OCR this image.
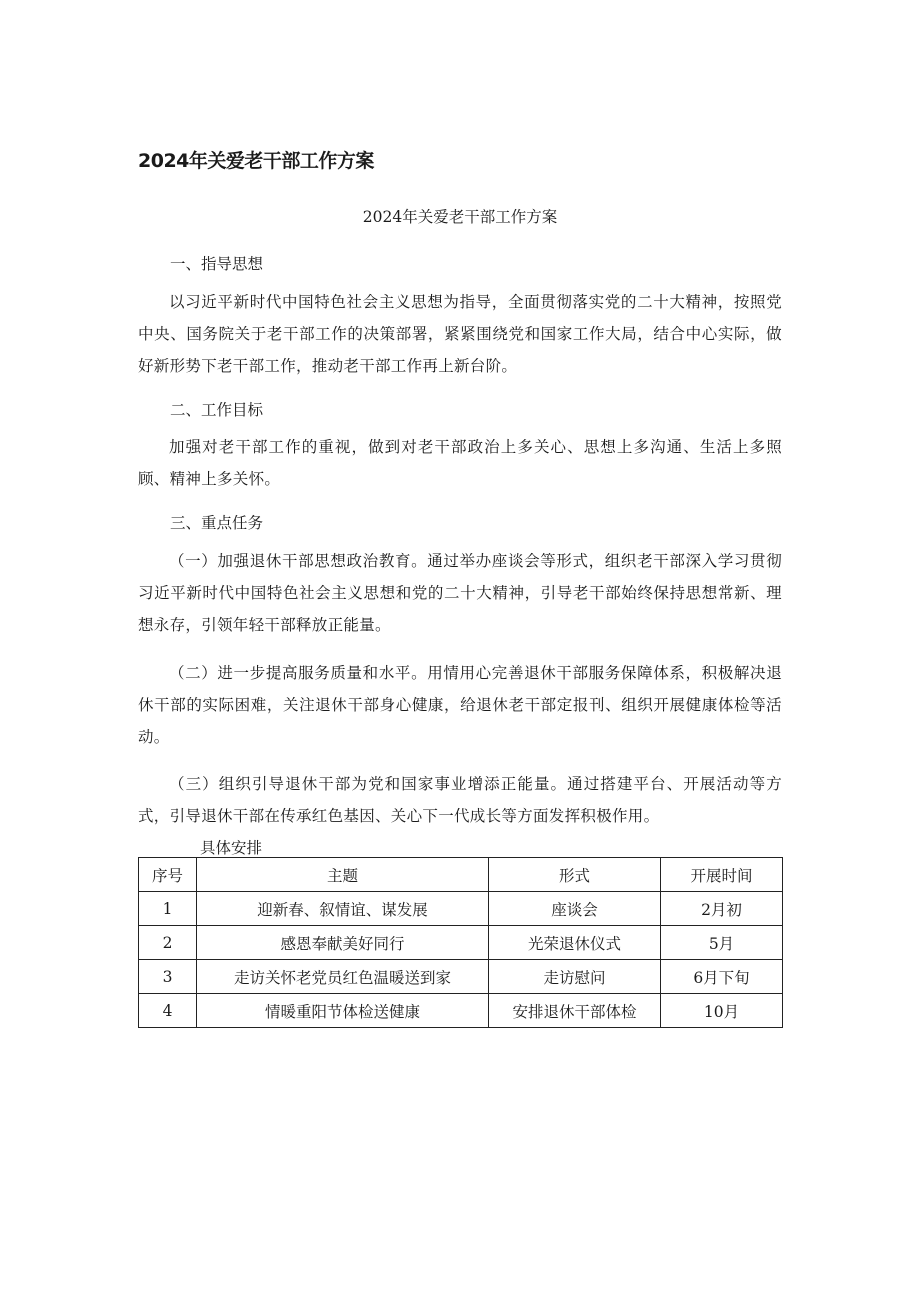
2024年关爱老干部工作方案
2024年关爱老干部工作方案

一、指导思想

以习近平新时代中国特色社会主义思想为指导，全面贯彻落实党的二十大精神，按照党中央、国务院关于老干部工作的决策部署，紧紧围绕党和国家工作大局，结合中心实际，做好新形势下老干部工作，推动老干部工作再上新台阶。

二、工作目标

加强对老干部工作的重视，做到对老干部政治上多关心、思想上多沟通、生活上多照顾、精神上多关怀。

三、重点任务

（一）加强退休干部思想政治教育。通过举办座谈会等形式，组织老干部深入学习贯彻习近平新时代中国特色社会主义思想和党的二十大精神，引导老干部始终保持思想常新、理想永存，引领年轻干部释放正能量。

（二）进一步提高服务质量和水平。用情用心完善退休干部服务保障体系，积极解决退休干部的实际困难，关注退休干部身心健康，给退休老干部定报刊、组织开展健康体检等活动。

（三）组织引导退休干部为党和国家事业增添正能量。通过搭建平台、开展活动等方式，引导退休干部在传承红色基因、关心下一代成长等方面发挥积极作用。

具体安排
序号	主题	形式	开展时间
1	迎新春、叙情谊、谋发展	座谈会	2月初
2	感恩奉献美好同行	光荣退休仪式	5月
3	走访关怀老党员红色温暖送到家	走访慰问	6月下旬
4	情暖重阳节体检送健康	安排退休干部体检	10月
